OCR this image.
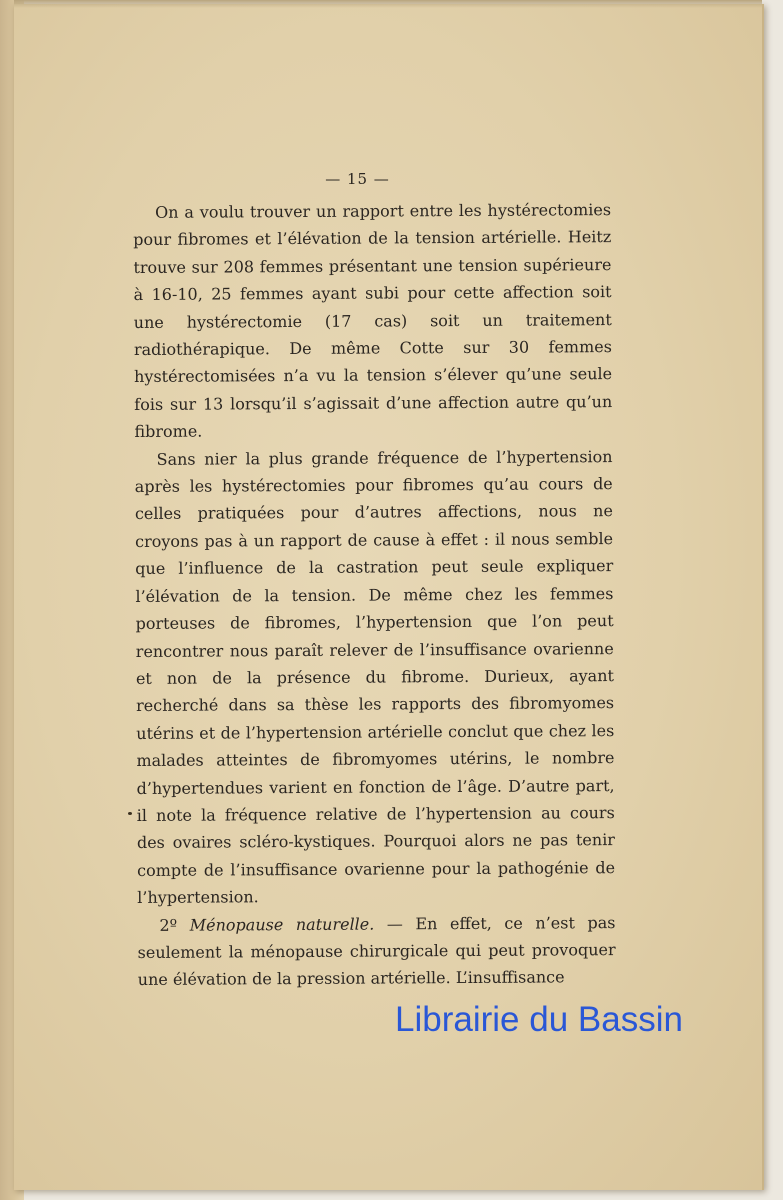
— 15 —

On a voulu trouver un rapport entre les hystérectomies pour fibromes et l’élévation de la tension artérielle. Heitz trouve sur 208 femmes présentant une tension supérieure à 16-10, 25 femmes ayant subi pour cette affection soit une hystérectomie (17 cas) soit un traitement radiothérapique. De même Cotte sur 30 femmes hystérectomisées n’a vu la tension s’élever qu’une seule fois sur 13 lorsqu’il s’agissait d’une affection autre qu’un fibrome.

Sans nier la plus grande fréquence de l’hypertension après les hystérectomies pour fibromes qu’au cours de celles pratiquées pour d’autres affections, nous ne croyons pas à un rapport de cause à effet : il nous semble que l’influence de la castration peut seule expliquer l’élévation de la tension. De même chez les femmes porteuses de fibromes, l’hypertension que l’on peut rencontrer nous paraît relever de l’insuffisance ovarienne et non de la présence du fibrome. Durieux, ayant recherché dans sa thèse les rapports des fibromyomes utérins et de l’hypertension artérielle conclut que chez les malades atteintes de fibromyomes utérins, le nombre d’hypertendues varient en fonction de l’âge. D’autre part, il note la fréquence relative de l’hypertension au cours des ovaires scléro-kystiques. Pourquoi alors ne pas tenir compte de l’insuffisance ovarienne pour la pathogénie de l’hypertension.

2º Ménopause naturelle. — En effet, ce n’est pas seulement la ménopause chirurgicale qui peut provoquer une élévation de la pression artérielle. L’insuffisance

Librairie du Bassin
